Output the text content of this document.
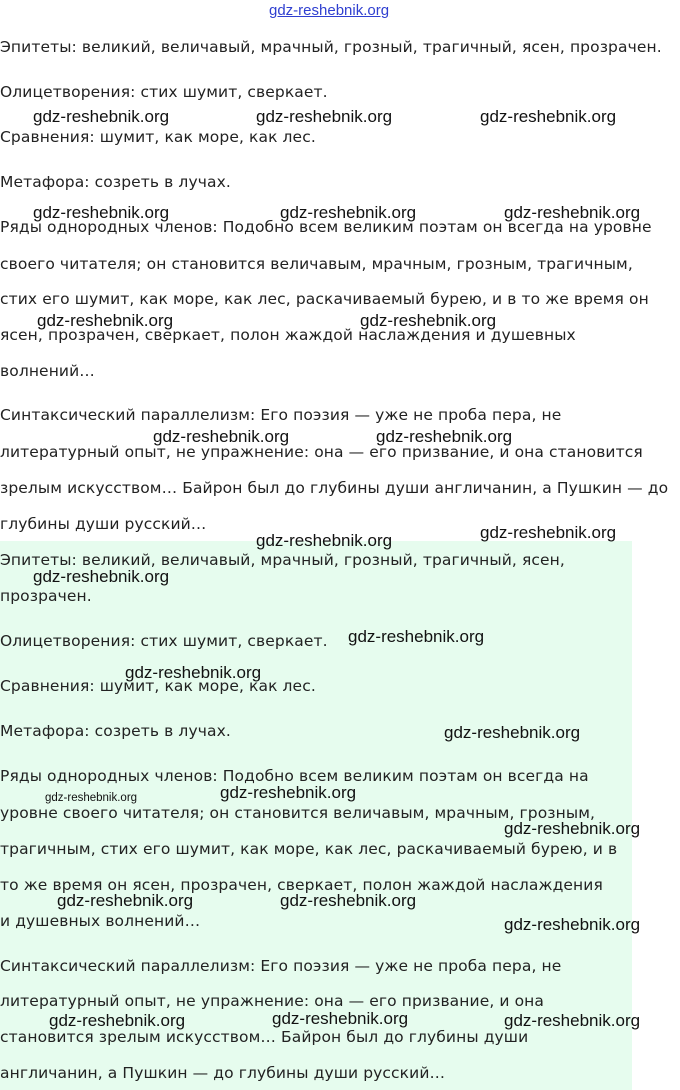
gdz-reshebnik.org

Эпитеты: великий, величавый, мрачный, грозный, трагичный, ясен, прозрачен.

Олицетворения: стих шумит, сверкает.

Сравнения: шумит, как море, как лес.

Метафора: созреть в лучах.

Ряды однородных членов: Подобно всем великим поэтам он всегда на уровне

своего читателя; он становится величавым, мрачным, грозным, трагичным,

стих его шумит, как море, как лес, раскачиваемый бурею, и в то же время он

ясен, прозрачен, сверкает, полон жаждой наслаждения и душевных

волнений…

Синтаксический параллелизм: Его поэзия — уже не проба пера, не

литературный опыт, не упражнение: она — его призвание, и она становится

зрелым искусством… Байрон был до глубины души англичанин, а Пушкин — до

глубины души русский…

Эпитеты: великий, величавый, мрачный, грозный, трагичный, ясен,

прозрачен.

Олицетворения: стих шумит, сверкает.

Сравнения: шумит, как море, как лес.

Метафора: созреть в лучах.

Ряды однородных членов: Подобно всем великим поэтам он всегда на

уровне своего читателя; он становится величавым, мрачным, грозным,

трагичным, стих его шумит, как море, как лес, раскачиваемый бурею, и в

то же время он ясен, прозрачен, сверкает, полон жаждой наслаждения

и душевных волнений…

Синтаксический параллелизм: Его поэзия — уже не проба пера, не

литературный опыт, не упражнение: она — его призвание, и она

становится зрелым искусством… Байрон был до глубины души

англичанин, а Пушкин — до глубины души русский…

gdz-reshebnik.org	gdz-reshebnik.org	gdz-reshebnik.org
gdz-reshebnik.org	gdz-reshebnik.org	gdz-reshebnik.org
gdz-reshebnik.org	gdz-reshebnik.org
gdz-reshebnik.org	gdz-reshebnik.org
gdz-reshebnik.org	gdz-reshebnik.org
gdz-reshebnik.org
gdz-reshebnik.org
gdz-reshebnik.org
gdz-reshebnik.org
gdz-reshebnik.org
gdz-reshebnik.org
gdz-reshebnik.org
gdz-reshebnik.org	gdz-reshebnik.org
gdz-reshebnik.org
gdz-reshebnik.org	gdz-reshebnik.org	gdz-reshebnik.org
